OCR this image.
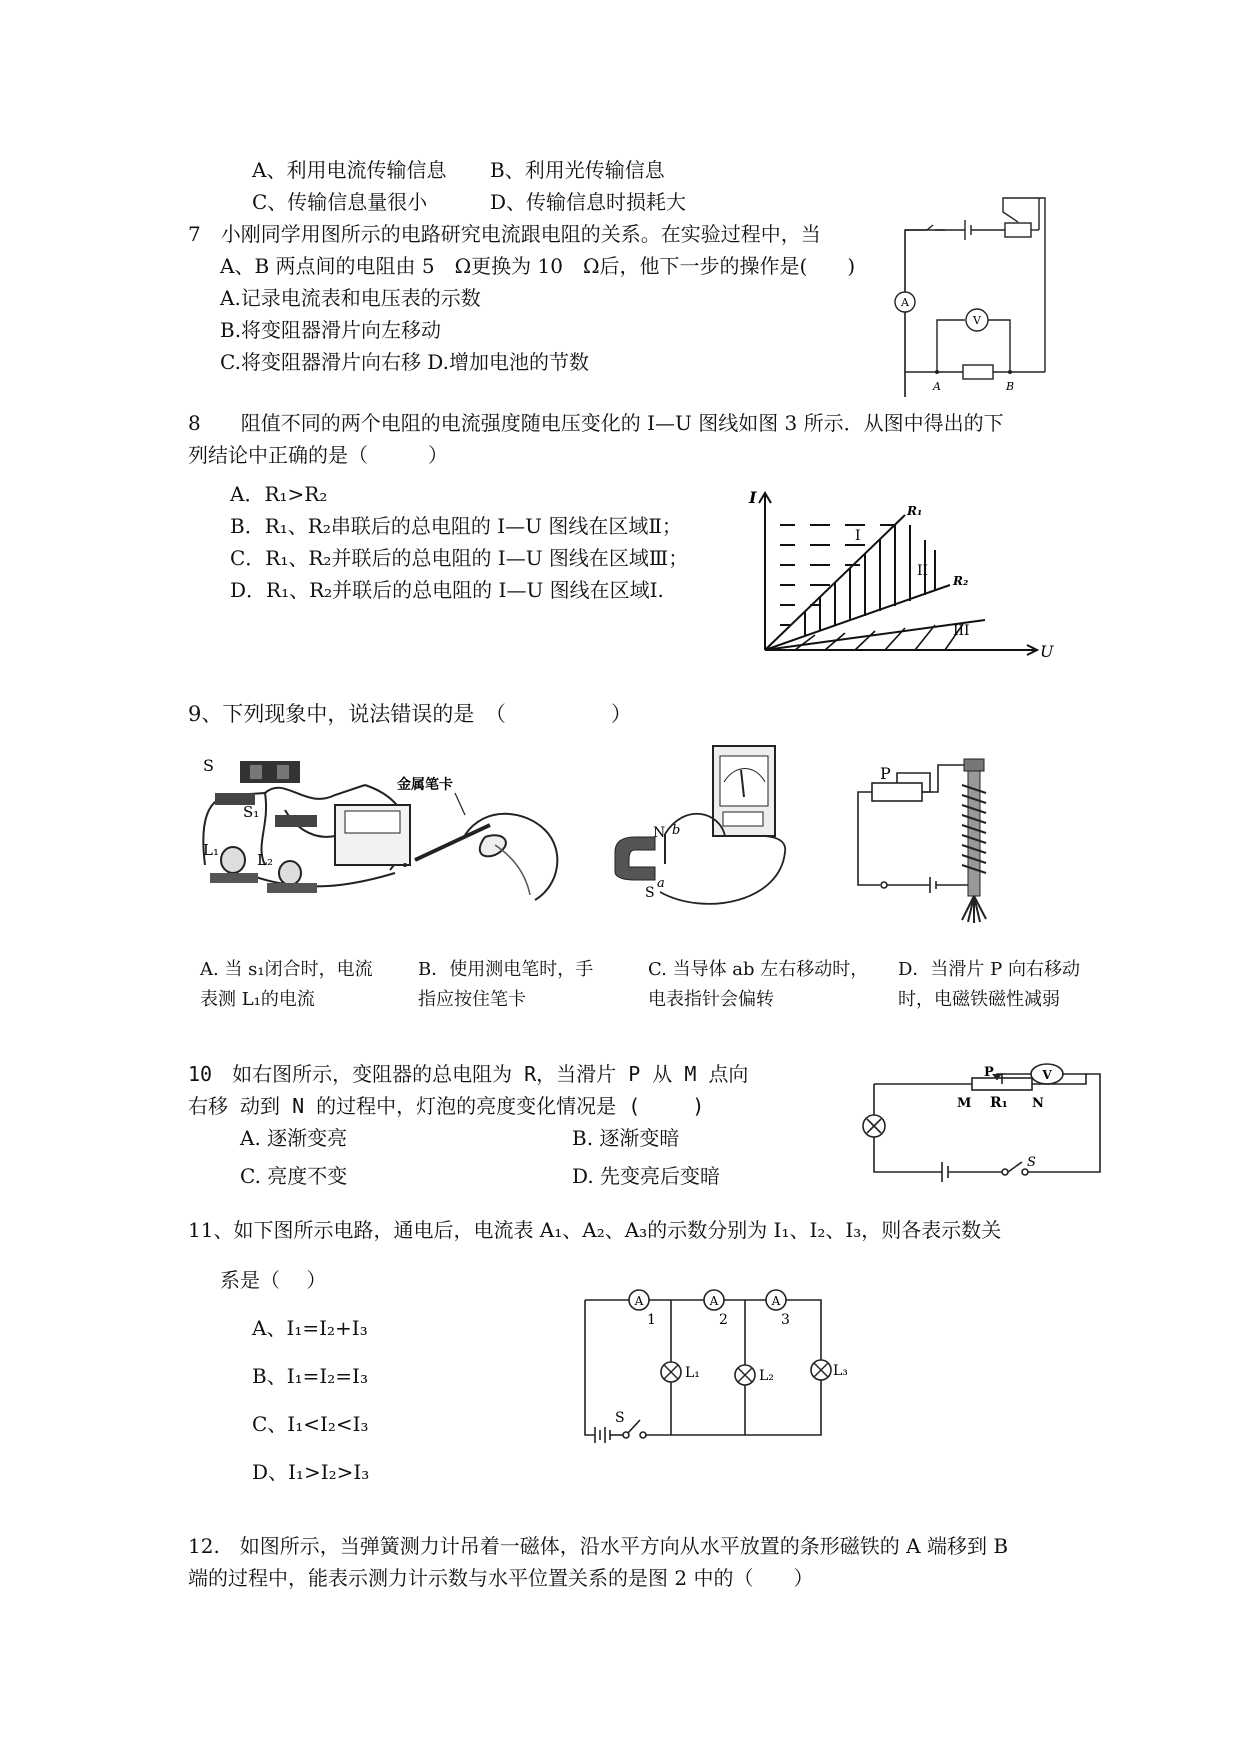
A、利用电流传输信息 B、利用光传输信息
C、传输信息量很小	D、传输信息时损耗大
7　小刚同学用图所示的电路研究电流跟电阻的关系。在实验过程中，当
A、B 两点间的电阻由 5　Ω更换为 10　Ω后，他下一步的操作是(　　)
A.记录电流表和电压表的示数
B.将变阻器滑片向左移动
C.将变阻器滑片向右移 D.增加电池的节数
A
V
A	B
8　　阻值不同的两个电阻的电流强度随电压变化的 I—U 图线如图 3 所示．从图中得出的下
列结论中正确的是（　　　）
A．R₁>R₂
B．R₁、R₂串联后的总电阻的 I—U 图线在区域Ⅱ；
C．R₁、R₂并联后的总电阻的 I—U 图线在区域Ⅲ；
D．R₁、R₂并联后的总电阻的 I—U 图线在区域Ⅰ.
I
U
R₁
R₂
I
II
III
9、下列现象中，说法错误的是　（　　　　　）
S
S₁
L₁
L₂
金属笔卡
N
S
a
b
P
A. 当 s₁闭合时，电流
表测 L₁的电流
B．使用测电笔时，手
指应按住笔卡
C. 当导体 ab 左右移动时，
电表指针会偏转
D．当滑片 P 向右移动
时，电磁铁磁性减弱
10　如右图所示，变阻器的总电阻为 R，当滑片 P 从 M 点向
右移 动到 N 的过程中，灯泡的亮度变化情况是 (　　 )
A. 逐渐变亮	B. 逐渐变暗
C. 亮度不变	D. 先变亮后变暗
P	V
M R₁ N
S
11、如下图所示电路，通电后，电流表 A₁、A₂、A₃的示数分别为 I₁、I₂、I₃，则各表示数关
系是（　 ）
A、I₁=I₂+I₃
B、I₁=I₂=I₃
C、I₁<I₂<I₃
D、I₁>I₂>I₃
A	A	A
1	2	3
L₁	L₂	L₃
S
12.　如图所示，当弹簧测力计吊着一磁体，沿水平方向从水平放置的条形磁铁的 A 端移到 B
端的过程中，能表示测力计示数与水平位置关系的是图 2 中的（　　）
